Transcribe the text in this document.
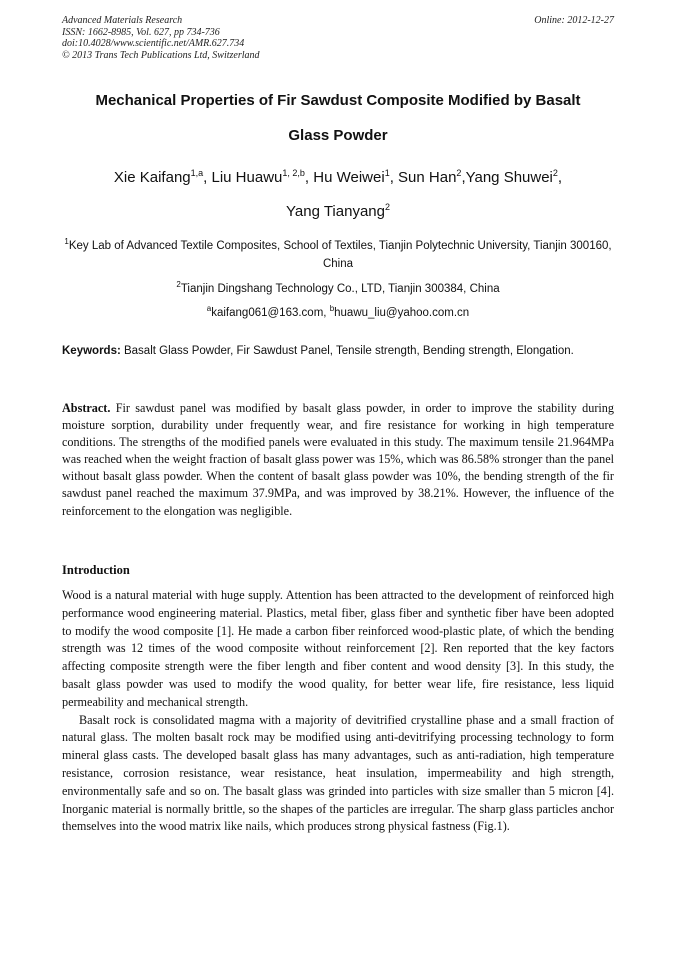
Advanced Materials Research
ISSN: 1662-8985, Vol. 627, pp 734-736
doi:10.4028/www.scientific.net/AMR.627.734
© 2013 Trans Tech Publications Ltd, Switzerland
Online: 2012-12-27
Mechanical Properties of Fir Sawdust Composite Modified by Basalt
Glass Powder
Xie Kaifang$^{1,a}$, Liu Huawu$^{1, 2,b}$, Hu Weiwei$^1$, Sun Han$^2$,Yang Shuwei$^2$,
Yang Tianyang$^2$
$^1$Key Lab of Advanced Textile Composites, School of Textiles, Tianjin Polytechnic University, Tianjin 300160, China
$^2$Tianjin Dingshang Technology Co., LTD, Tianjin 300384, China
$^a$kaifang061@163.com, $^b$huawu_liu@yahoo.com.cn
Keywords: Basalt Glass Powder, Fir Sawdust Panel, Tensile strength, Bending strength, Elongation.
Abstract. Fir sawdust panel was modified by basalt glass powder, in order to improve the stability during moisture sorption, durability under frequently wear, and fire resistance for working in high temperature conditions. The strengths of the modified panels were evaluated in this study. The maximum tensile 21.964MPa was reached when the weight fraction of basalt glass power was 15%, which was 86.58% stronger than the panel without basalt glass powder. When the content of basalt glass powder was 10%, the bending strength of the fir sawdust panel reached the maximum 37.9MPa, and was improved by 38.21%. However, the influence of the reinforcement to the elongation was negligible.
Introduction

Wood is a natural material with huge supply. Attention has been attracted to the development of reinforced high performance wood engineering material. Plastics, metal fiber, glass fiber and synthetic fiber have been adopted to modify the wood composite [1]. He made a carbon fiber reinforced wood-plastic plate, of which the bending strength was 12 times of the wood composite without reinforcement [2]. Ren reported that the key factors affecting composite strength were the fiber length and fiber content and wood density [3]. In this study, the basalt glass powder was used to modify the wood quality, for better wear life, fire resistance, less liquid permeability and mechanical strength.

Basalt rock is consolidated magma with a majority of devitrified crystalline phase and a small fraction of natural glass. The molten basalt rock may be modified using anti-devitrifying processing technology to form mineral glass casts. The developed basalt glass has many advantages, such as anti-radiation, high temperature resistance, corrosion resistance, wear resistance, heat insulation, impermeability and high strength, environmentally safe and so on. The basalt glass was grinded into particles with size smaller than 5 micron [4]. Inorganic material is normally brittle, so the shapes of the particles are irregular. The sharp glass particles anchor themselves into the wood matrix like nails, which produces strong physical fastness (Fig.1).
